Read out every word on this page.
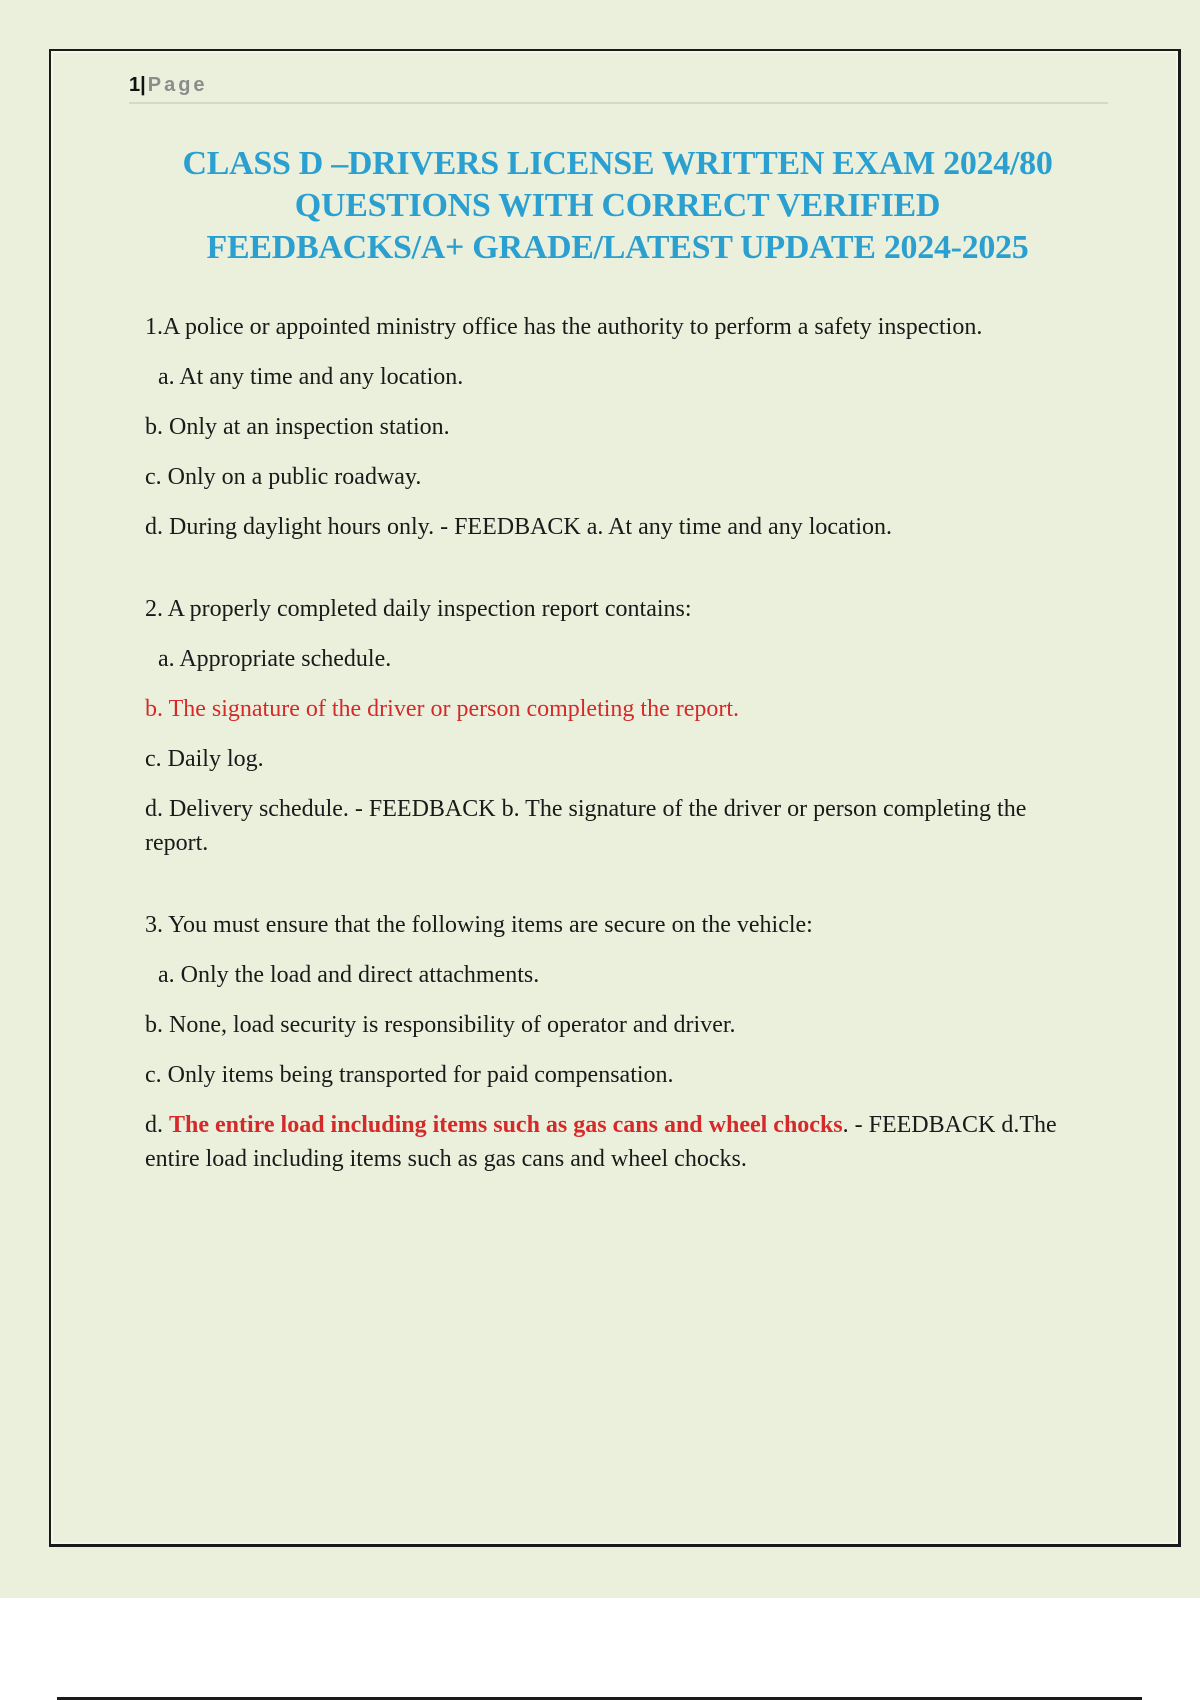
1| Page
CLASS D –DRIVERS LICENSE WRITTEN EXAM 2024/80
QUESTIONS WITH CORRECT VERIFIED
FEEDBACKS/A+ GRADE/LATEST UPDATE 2024-2025
1.A police or appointed ministry office has the authority to perform a safety inspection.
a. At any time and any location.
b. Only at an inspection station.
c. Only on a public roadway.
d. During daylight hours only. - FEEDBACK a. At any time and any location.
2. A properly completed daily inspection report contains:
a. Appropriate schedule.
b. The signature of the driver or person completing the report.
c. Daily log.
d. Delivery schedule. - FEEDBACK b. The signature of the driver or person completing the report.
3. You must ensure that the following items are secure on the vehicle:
a. Only the load and direct attachments.
b. None, load security is responsibility of operator and driver.
c. Only items being transported for paid compensation.
d. The entire load including items such as gas cans and wheel chocks. - FEEDBACK d.The entire load including items such as gas cans and wheel chocks.
